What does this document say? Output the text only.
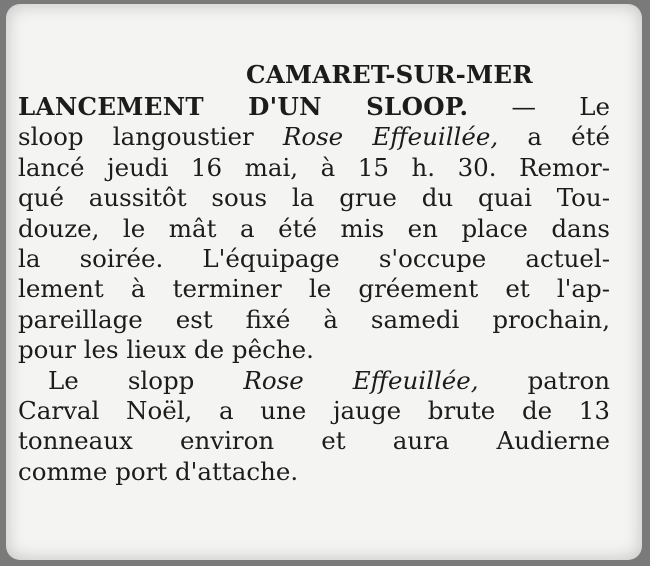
CAMARET-SUR-MER

LANCEMENT D'UN SLOOP. — Le
sloop langoustier Rose Effeuillée, a été
lancé jeudi 16 mai, à 15 h. 30. Remor-
qué aussitôt sous la grue du quai Tou-
douze, le mât a été mis en place dans
la soirée. L'équipage s'occupe actuel-
lement à terminer le gréement et l'ap-
pareillage est fixé à samedi prochain,
pour les lieux de pêche.

Le slopp Rose Effeuillée, patron
Carval Noël, a une jauge brute de 13
tonneaux environ et aura Audierne
comme port d'attache.
